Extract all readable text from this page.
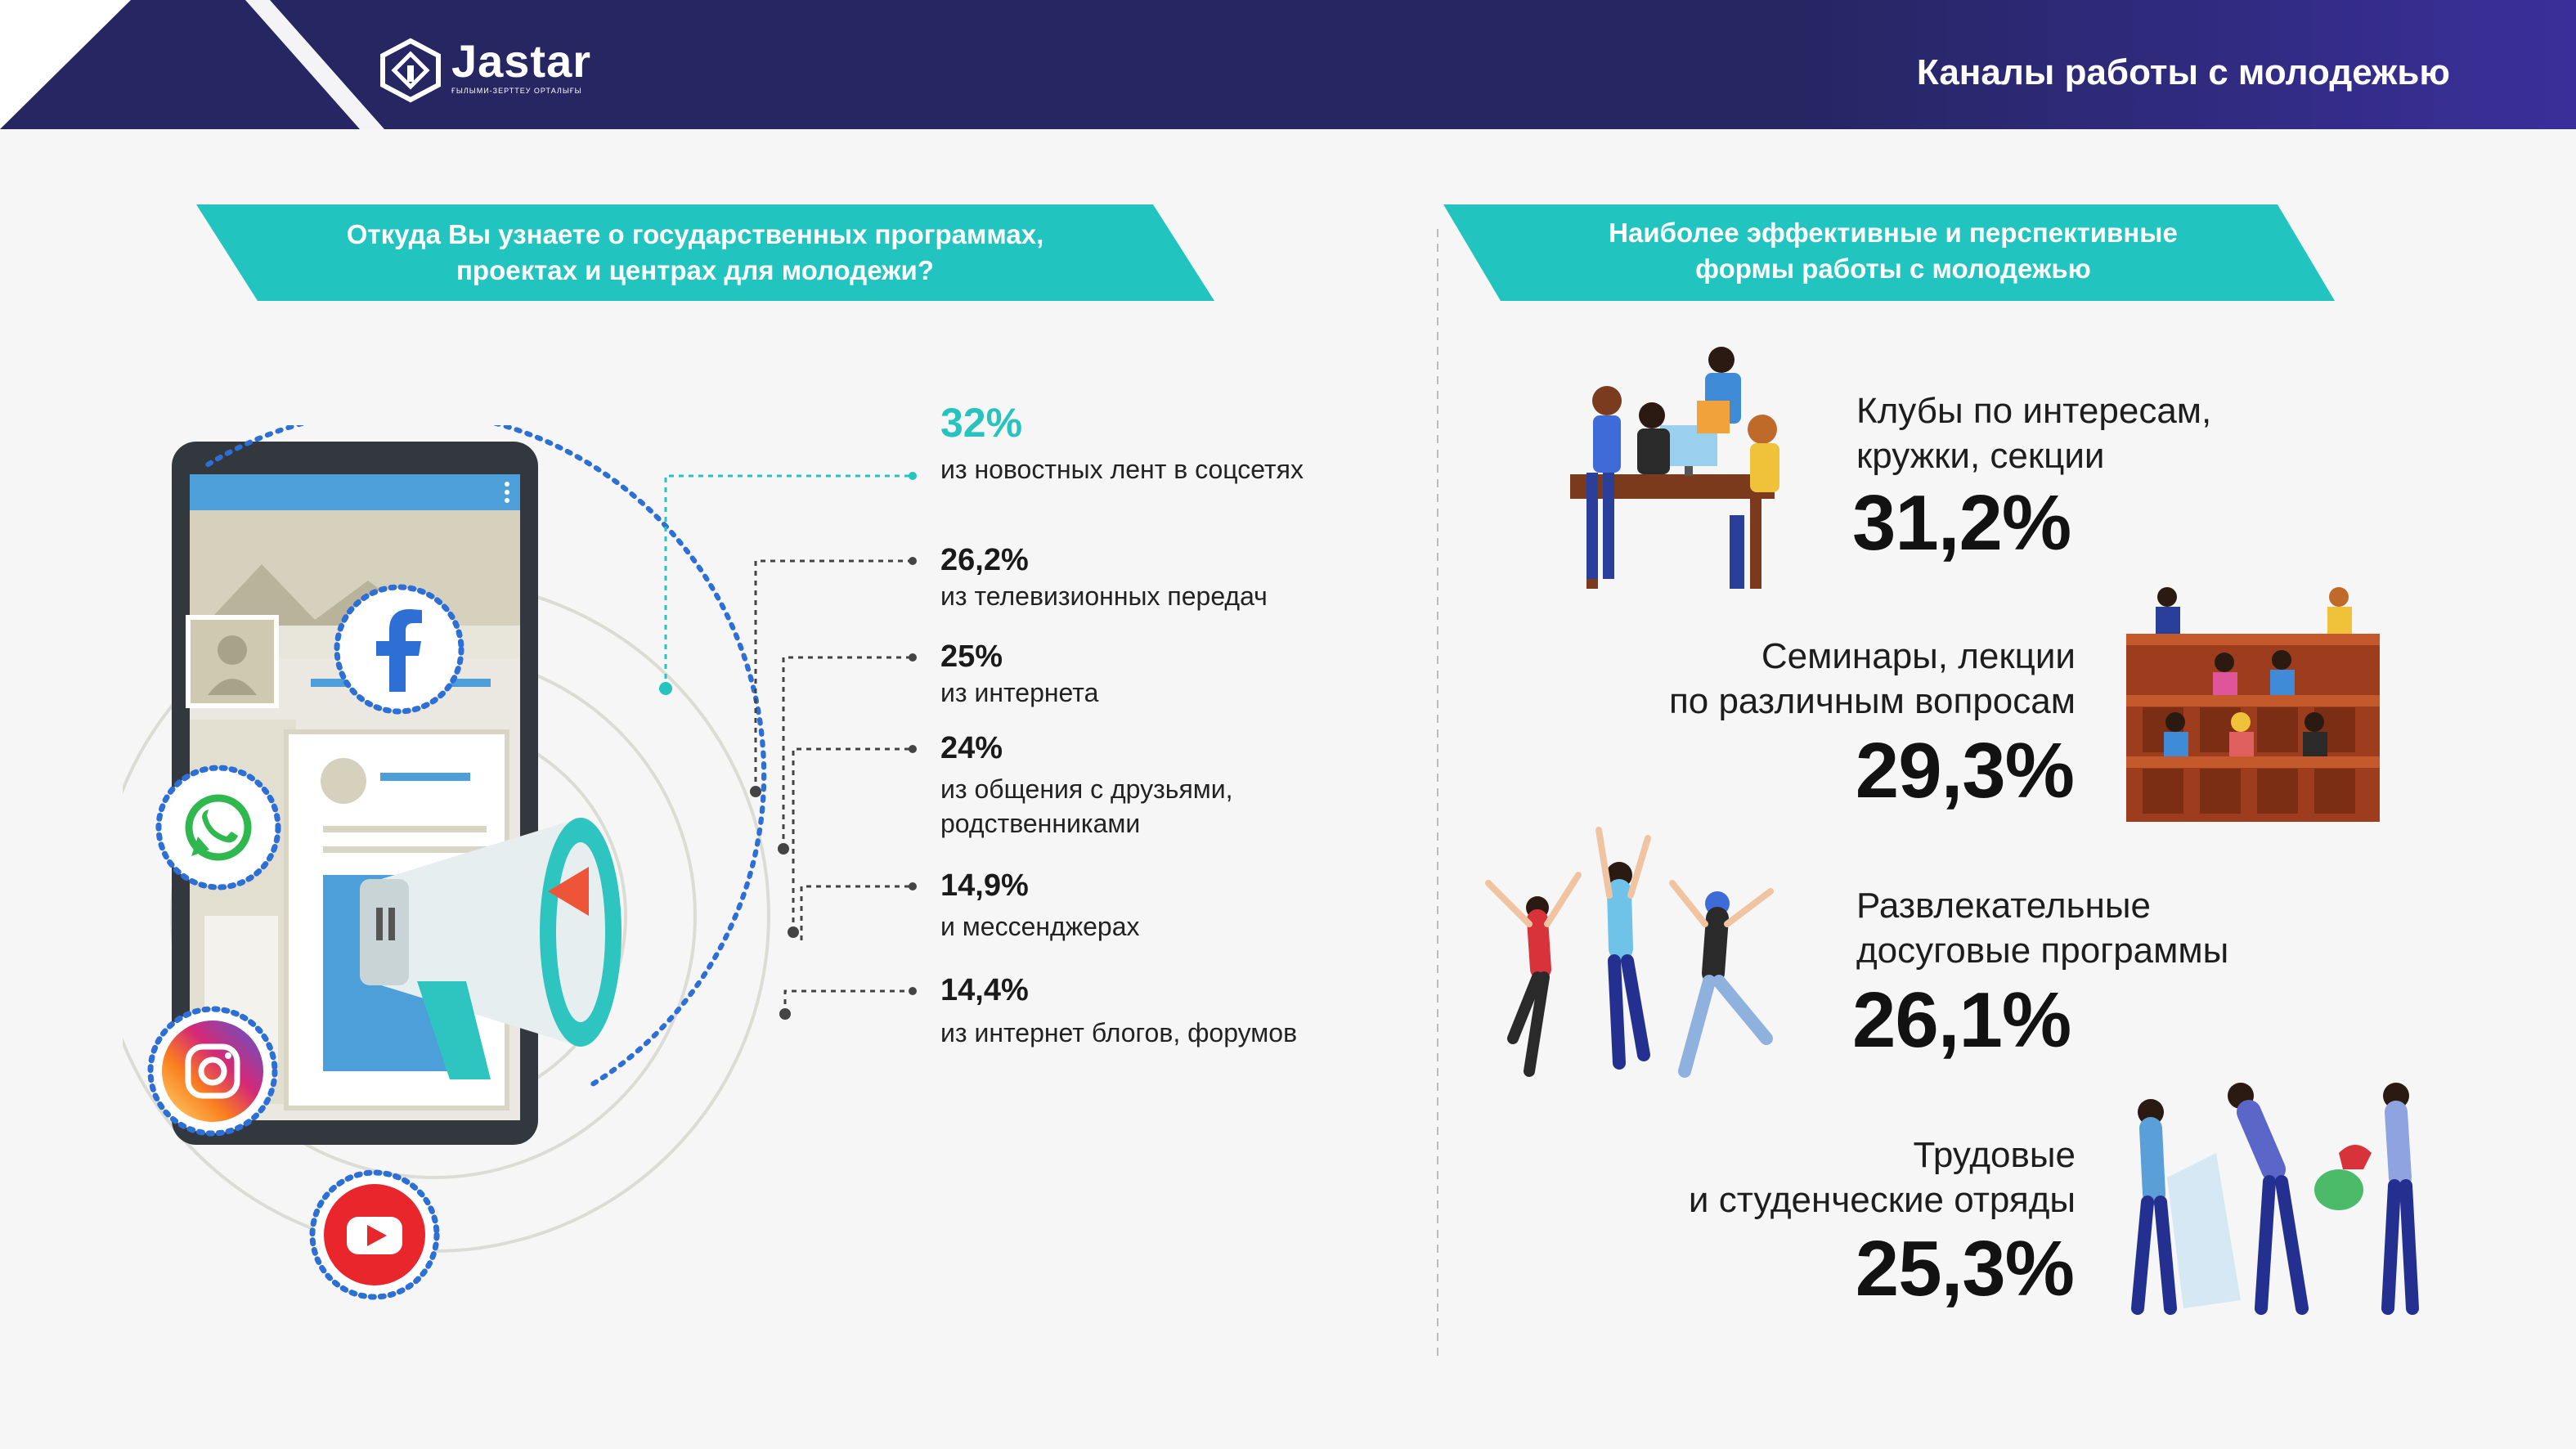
Jastar
ҒЫЛЫМИ-ЗЕРТТЕУ ОРТАЛЫҒЫ	Каналы работы с молодежью
Откуда Вы узнаете о государственных программах,
проектах и центрах для молодежи?
Наиболее эффективные и перспективные
формы работы с молодежью
32%
из новостных лент в соцсетях
26,2%
из телевизионных передач
25%
из интернета
24%
из общения с друзьями,
родственниками
14,9%
и мессенджерах
14,4%
из интернет блогов, форумов
Клубы по интересам,
кружки, секции
31,2%
Семинары, лекции
по различным вопросам
29,3%
Развлекательные
досуговые программы
26,1%
Трудовые
и студенческие отряды
25,3%
